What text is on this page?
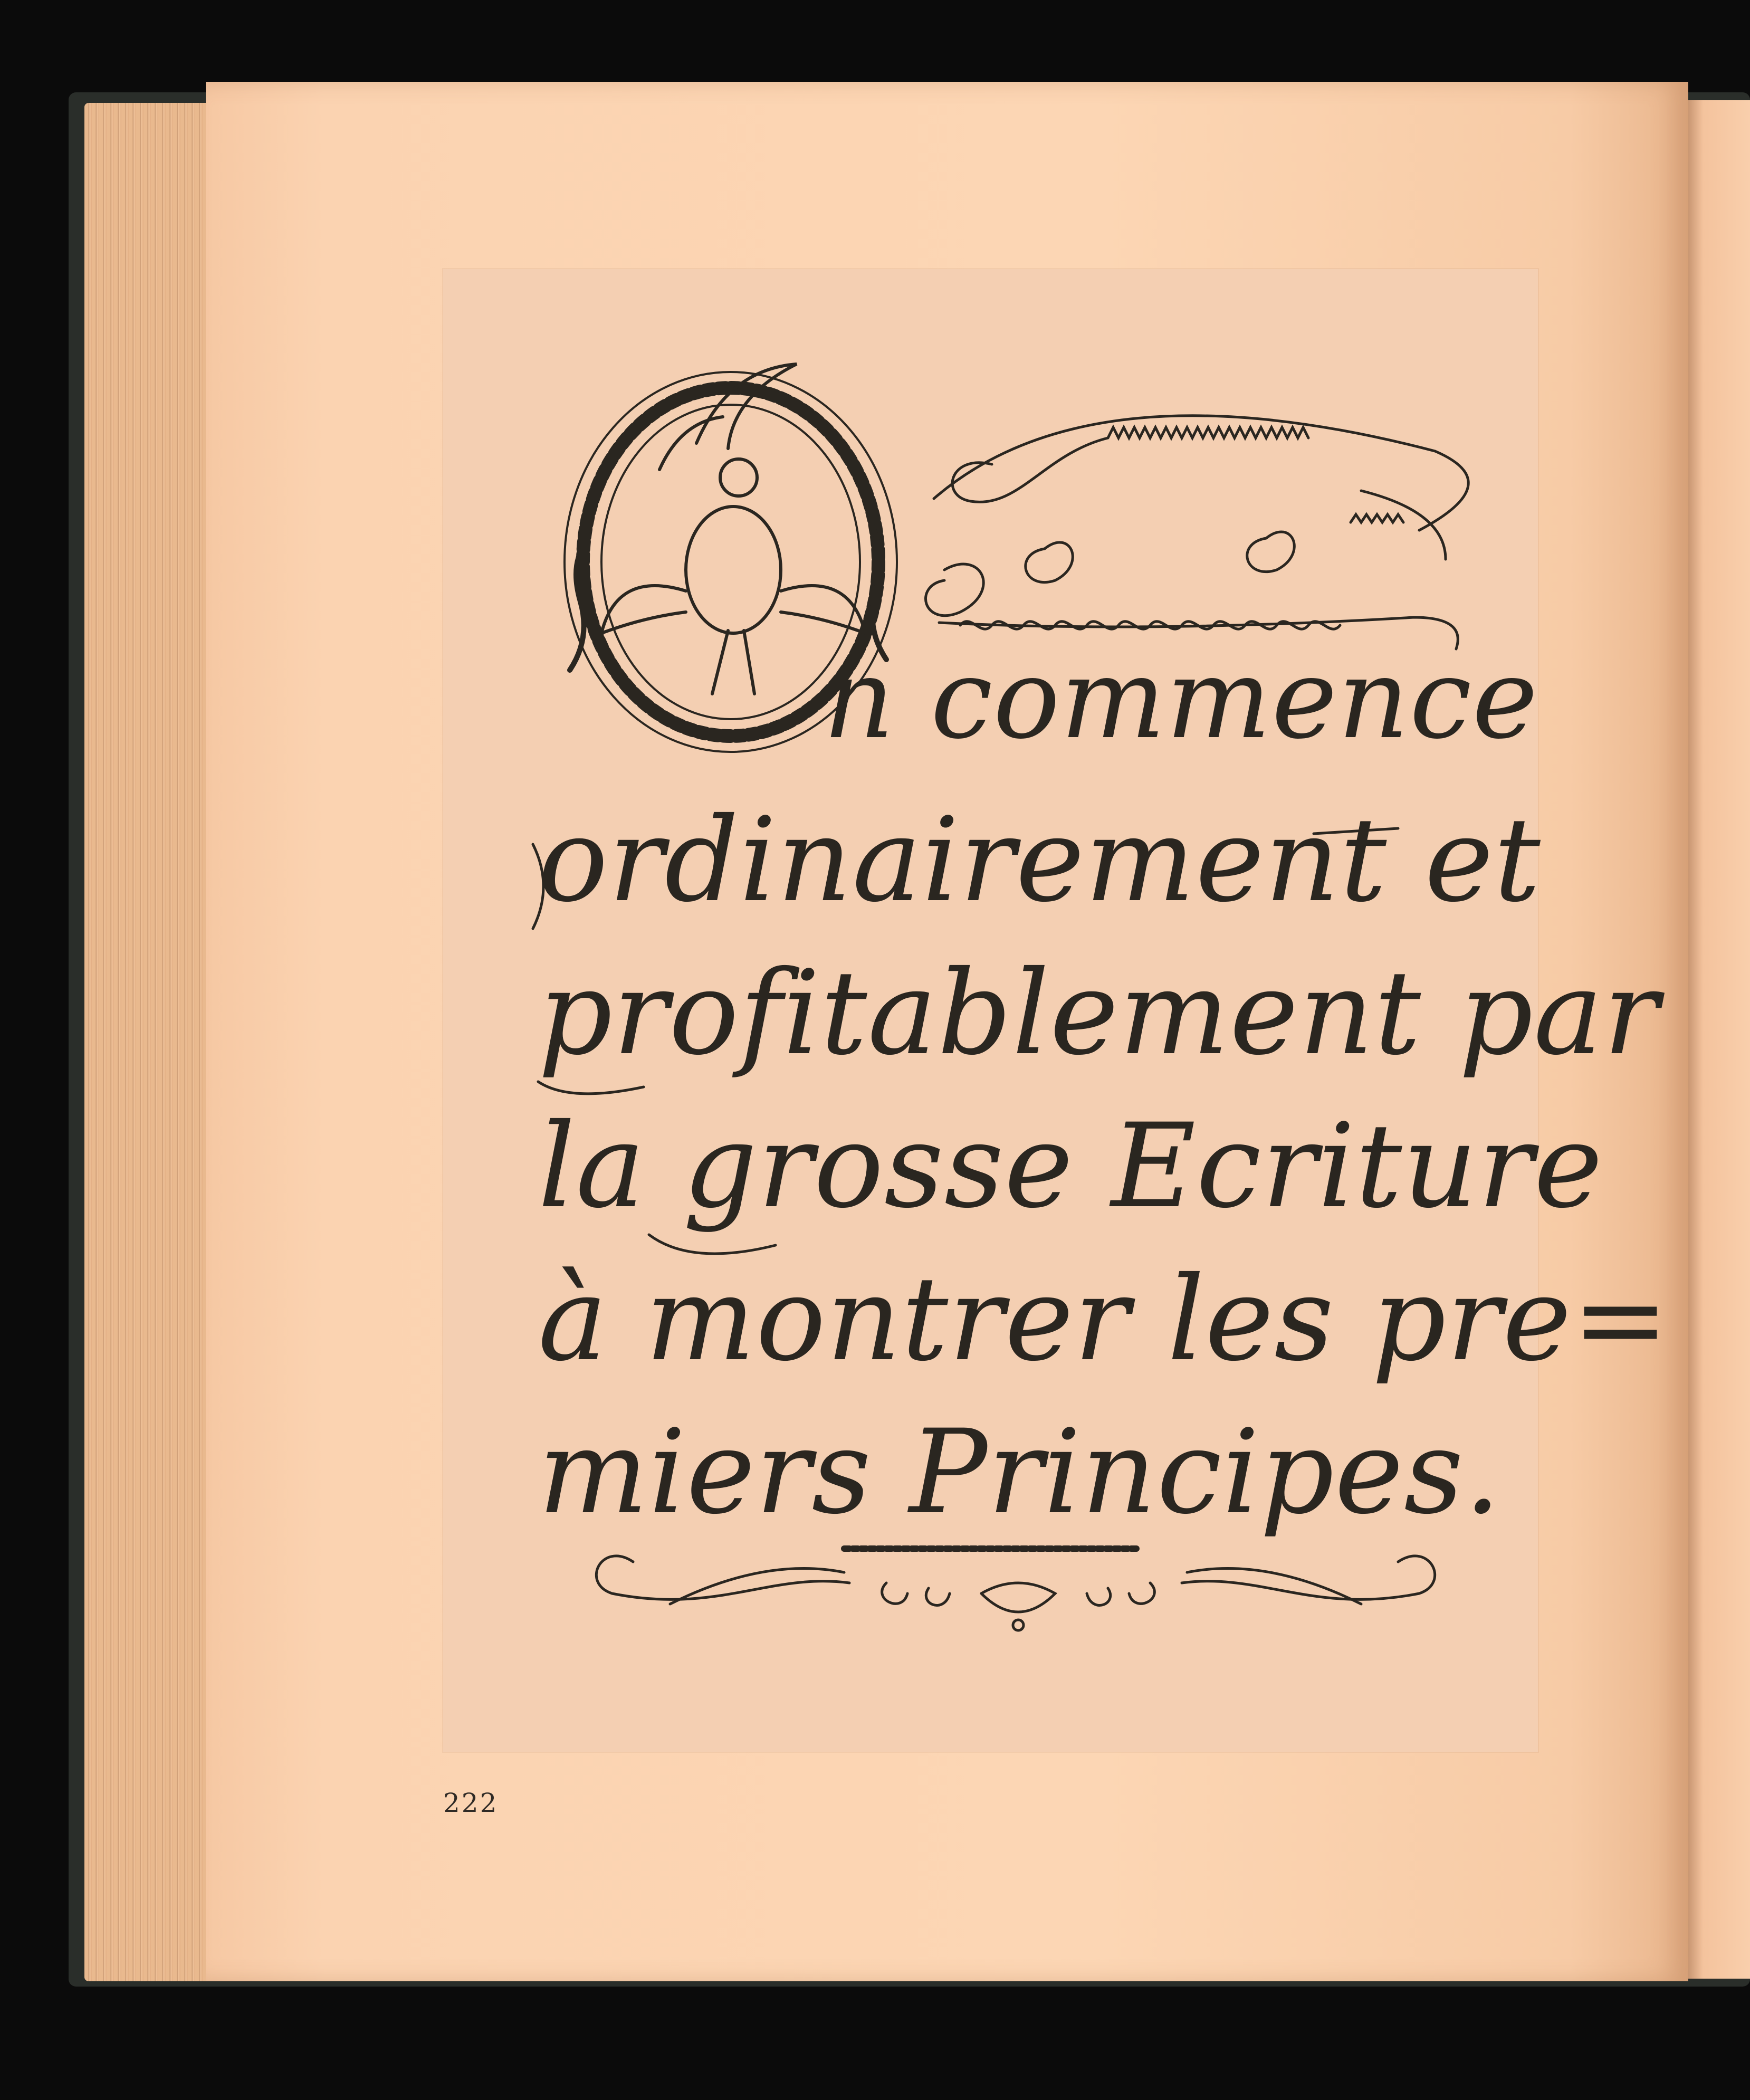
n commence

ordinairement et

profitablement par

la grosse Ecriture

à montrer les pre=

miers Principes.

222
